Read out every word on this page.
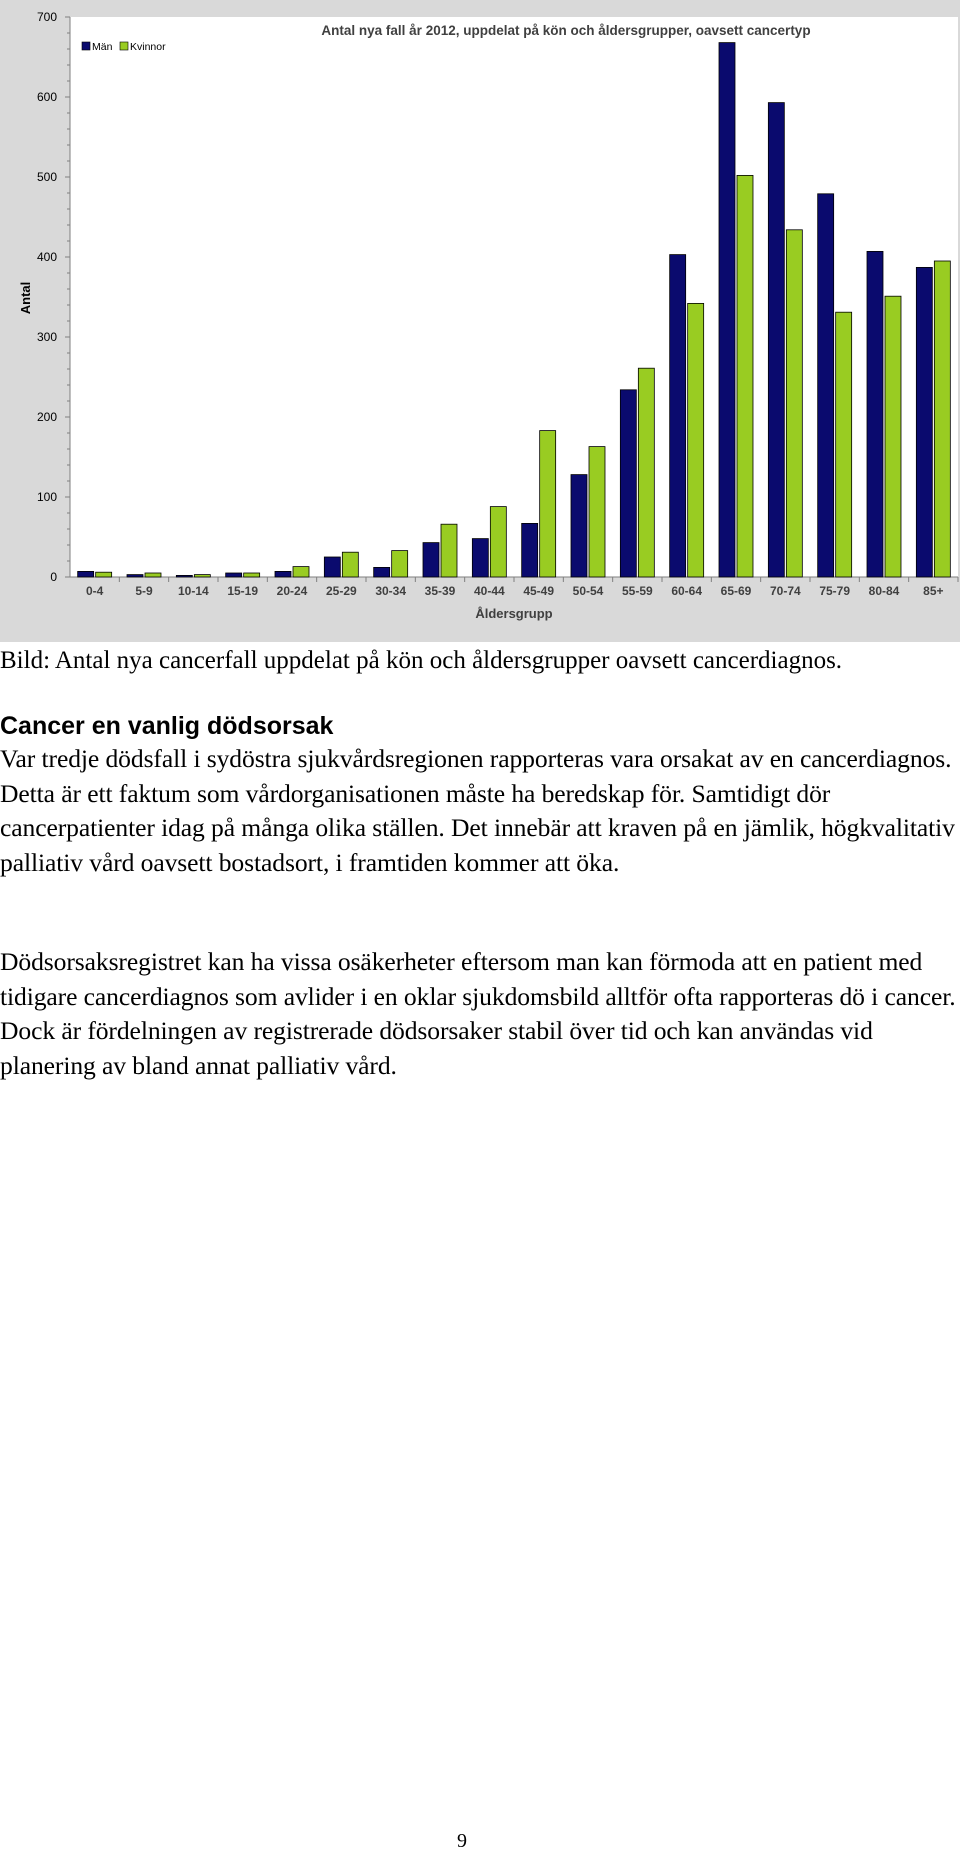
0
100
200
300
400
500
600
700
0-4	5-9 10-14 15-19 20-24 25-29 30-34 35-39 40-44 45-49 50-54 55-59 60-64 65-69 70-74 75-79 80-84 85+
Åldersgrupp
Antal
Antal nya fall år 2012, uppdelat på kön och åldersgrupper, oavsett cancertyp
Män Kvinnor
Bild: Antal nya cancerfall uppdelat på kön och åldersgrupper oavsett cancerdiagnos.
Cancer en vanlig dödsorsak

Var tredje dödsfall i sydöstra sjukvårdsregionen rapporteras vara orsakat av en cancerdiagnos. Detta är ett faktum som vårdorganisationen måste ha beredskap för. Samtidigt dör cancerpatienter idag på många olika ställen. Det innebär att kraven på en jämlik, högkvalitativ palliativ vård oavsett bostadsort, i framtiden kommer att öka.

Dödsorsaksregistret kan ha vissa osäkerheter eftersom man kan förmoda att en patient med tidigare cancerdiagnos som avlider i en oklar sjukdomsbild alltför ofta rapporteras dö i cancer. Dock är fördelningen av registrerade dödsorsaker stabil över tid och kan användas vid planering av bland annat palliativ vård.

9
